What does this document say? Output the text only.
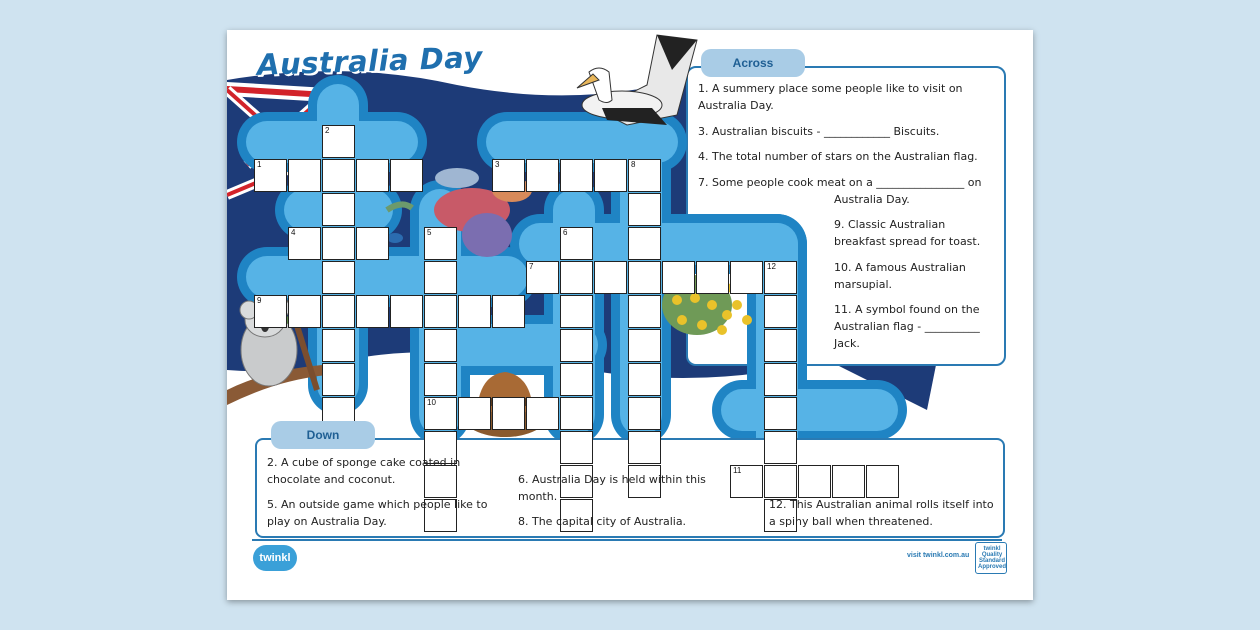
Australia Day
1
2
3
4	5	6
7
8
9
10
11
12
Across
1. A summery place some people like to visit on Australia Day.
3. Australian biscuits - ____________ Biscuits.
4. The total number of stars on the Australian flag.
7. Some people cook meat on a ________________ on
Australia Day.
9. Classic Australian breakfast spread for toast.
10. A famous Australian marsupial.
11. A symbol found on the Australian flag - __________ Jack.
Down
2. A cube of sponge cake coated in chocolate and coconut.
5. An outside game which people like to play on Australia Day.
6. Australia Day is held within this month.
8. The capital city of Australia.
12. This Australian animal rolls itself into a spiny ball when threatened.
twinkl	visit twinkl.com.au
twinkl Quality Standard Approved
